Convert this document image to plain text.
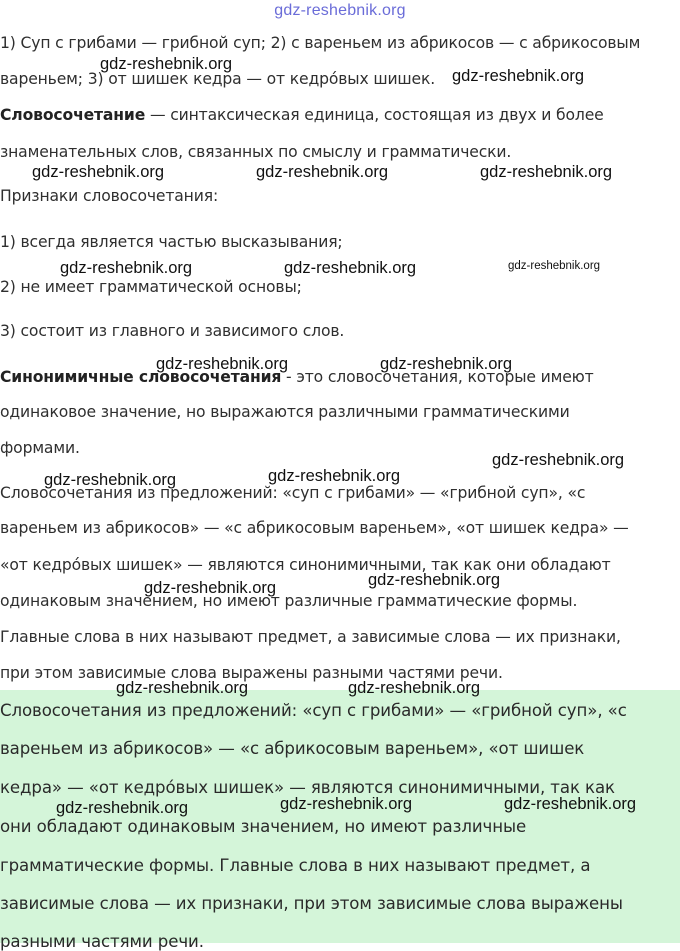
gdz-reshebnik.org
1) Суп с грибами — грибной суп; 2) с вареньем из абрикосов — с абрикосовым
вареньем; 3) от шишек кедра — от кедро́вых шишек.
Словосочетание — синтаксическая единица, состоящая из двух и более
знаменательных слов, связанных по смыслу и грамматически.
Признаки словосочетания:
1) всегда является частью высказывания;
2) не имеет грамматической основы;
3) состоит из главного и зависимого слов.
Синонимичные словосочетания - это словосочетания, которые имеют
одинаковое значение, но выражаются различными грамматическими
формами.
Словосочетания из предложений: «суп с грибами» — «грибной суп», «с
вареньем из абрикосов» — «с абрикосовым вареньем», «от шишек кедра» —
«от кедро́вых шишек» — являются синонимичными, так как они обладают
одинаковым значением, но имеют различные грамматические формы.
Главные слова в них называют предмет, а зависимые слова — их признаки,
при этом зависимые слова выражены разными частями речи.
Словосочетания из предложений: «суп с грибами» — «грибной суп», «с
вареньем из абрикосов» — «с абрикосовым вареньем», «от шишек
кедра» — «от кедро́вых шишек» — являются синонимичными, так как
они обладают одинаковым значением, но имеют различные
грамматические формы. Главные слова в них называют предмет, а
зависимые слова — их признаки, при этом зависимые слова выражены
разными частями речи.
gdz-reshebnik.org
gdz-reshebnik.org
gdz-reshebnik.org	gdz-reshebnik.org	gdz-reshebnik.org
gdz-reshebnik.org	gdz-reshebnik.org	gdz-reshebnik.org
gdz-reshebnik.org	gdz-reshebnik.org
gdz-reshebnik.org
gdz-reshebnik.org	gdz-reshebnik.org
gdz-reshebnik.org
gdz-reshebnik.org
gdz-reshebnik.org	gdz-reshebnik.org
gdz-reshebnik.org	gdz-reshebnik.org	gdz-reshebnik.org
